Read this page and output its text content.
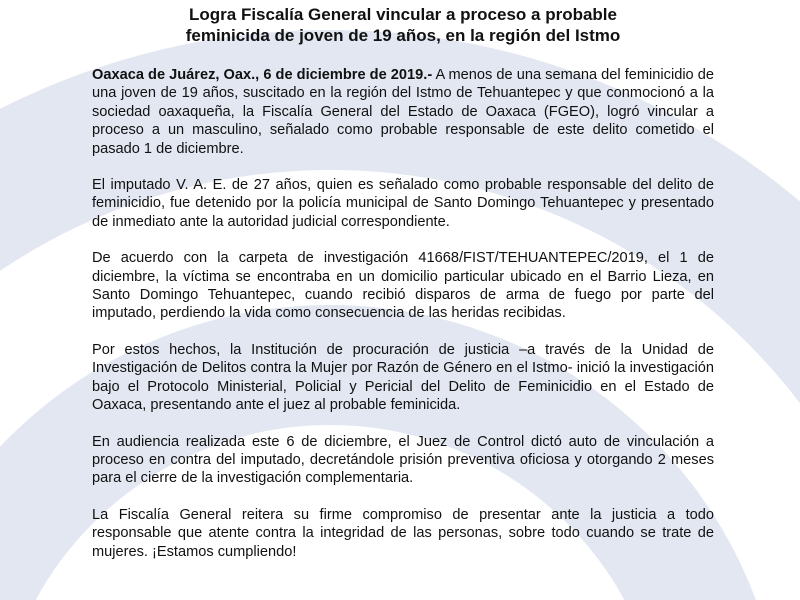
Logra Fiscalía General vincular a proceso a probable
feminicida de joven de 19 años, en la región del Istmo

Oaxaca de Juárez, Oax., 6 de diciembre de 2019.- A menos de una semana del feminicidio de una joven de 19 años, suscitado en la región del Istmo de Tehuantepec y que conmocionó a la sociedad oaxaqueña, la Fiscalía General del Estado de Oaxaca (FGEO), logró vincular a proceso a un masculino, señalado como probable responsable de este delito cometido el pasado 1 de diciembre.

El imputado V. A. E. de 27 años, quien es señalado como probable responsable del delito de feminicidio, fue detenido por la policía municipal de Santo Domingo Tehuantepec y presentado de inmediato ante la autoridad judicial correspondiente.

De acuerdo con la carpeta de investigación 41668/FIST/TEHUANTEPEC/2019, el 1 de diciembre, la víctima se encontraba en un domicilio particular ubicado en el Barrio Lieza, en Santo Domingo Tehuantepec, cuando recibió disparos de arma de fuego por parte del imputado, perdiendo la vida como consecuencia de las heridas recibidas.

Por estos hechos, la Institución de procuración de justicia –a través de la Unidad de Investigación de Delitos contra la Mujer por Razón de Género en el Istmo- inició la investigación bajo el Protocolo Ministerial, Policial y Pericial del Delito de Feminicidio en el Estado de Oaxaca, presentando ante el juez al probable feminicida.

En audiencia realizada este 6 de diciembre, el Juez de Control dictó auto de vinculación a proceso en contra del imputado, decretándole prisión preventiva oficiosa y otorgando 2 meses para el cierre de la investigación complementaria.

La Fiscalía General reitera su firme compromiso de presentar ante la justicia a todo responsable que atente contra la integridad de las personas, sobre todo cuando se trate de mujeres. ¡Estamos cumpliendo!
